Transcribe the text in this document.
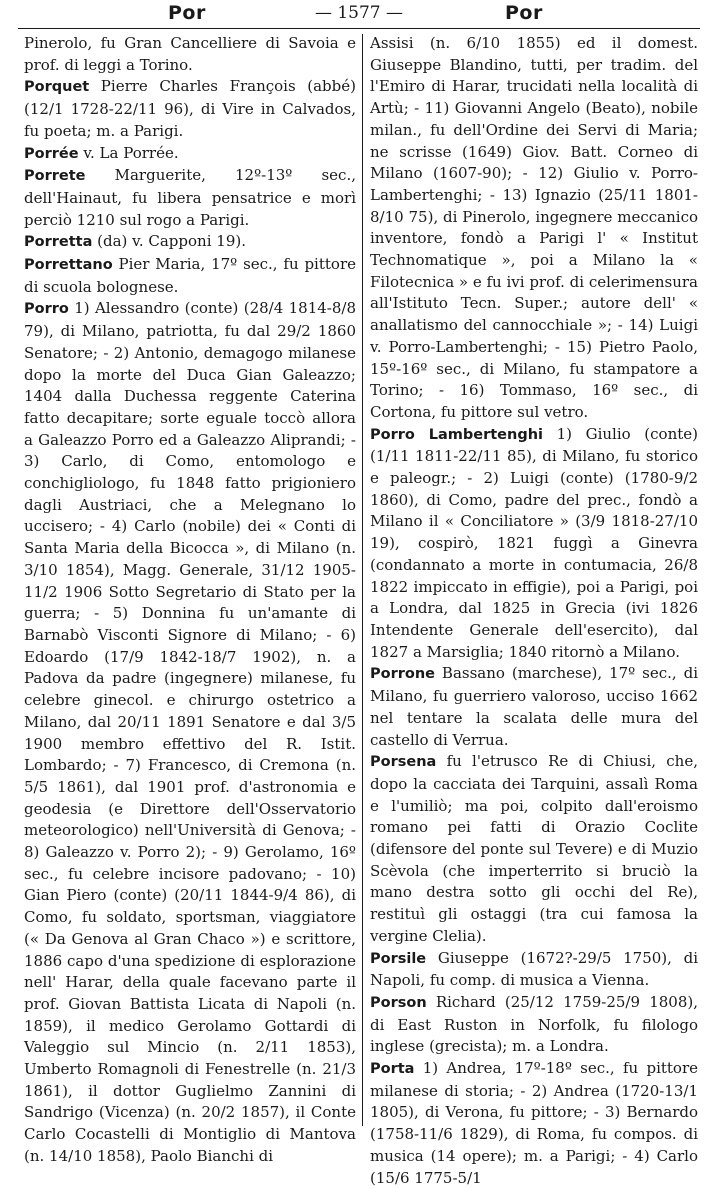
Por	— 1577 —	Por

Pinerolo, fu Gran Cancelliere di Savoia e prof. di leggi a Torino.

Porquet Pierre Charles François (abbé) (12/1 1728-22/11 96), di Vire in Calvados, fu poeta; m. a Parigi.

Porrée v. La Porrée.

Porrete Marguerite, 12º-13º sec., dell'Hainaut, fu libera pensatrice e morì perciò 1210 sul rogo a Parigi.

Porretta (da) v. Capponi 19).

Porrettano Pier Maria, 17º sec., fu pittore di scuola bolognese.

Porro 1) Alessandro (conte) (28/4 1814-8/8 79), di Milano, patriotta, fu dal 29/2 1860 Senatore; - 2) Antonio, demagogo milanese dopo la morte del Duca Gian Galeazzo; 1404 dalla Duchessa reggente Caterina fatto decapitare; sorte eguale toccò allora a Galeazzo Porro ed a Galeazzo Aliprandi; - 3) Carlo, di Como, entomologo e conchigliologo, fu 1848 fatto prigioniero dagli Austriaci, che a Melegnano lo uccisero; - 4) Carlo (nobile) dei « Conti di Santa Maria della Bicocca », di Milano (n. 3/10 1854), Magg. Generale, 31/12 1905-11/2 1906 Sotto Segretario di Stato per la guerra; - 5) Donnina fu un'amante di Barnabò Visconti Signore di Milano; - 6) Edoardo (17/9 1842-18/7 1902), n. a Padova da padre (ingegnere) milanese, fu celebre ginecol. e chirurgo ostetrico a Milano, dal 20/11 1891 Senatore e dal 3/5 1900 membro effettivo del R. Istit. Lombardo; - 7) Francesco, di Cremona (n. 5/5 1861), dal 1901 prof. d'astronomia e geodesia (e Direttore dell'Osservatorio meteorologico) nell'Università di Genova; - 8) Galeazzo v. Porro 2); - 9) Gerolamo, 16º sec., fu celebre incisore padovano; - 10) Gian Piero (conte) (20/11 1844-9/4 86), di Como, fu soldato, sportsman, viaggiatore (« Da Genova al Gran Chaco ») e scrittore, 1886 capo d'una spedizione di esplorazione nell' Harar, della quale facevano parte il prof. Giovan Battista Licata di Napoli (n. 1859), il medico Gerolamo Gottardi di Valeggio sul Mincio (n. 2/11 1853), Umberto Romagnoli di Fenestrelle (n. 21/3 1861), il dottor Guglielmo Zannini di Sandrigo (Vicenza) (n. 20/2 1857), il Conte Carlo Cocastelli di Montiglio di Mantova (n. 14/10 1858), Paolo Bianchi di

Assisi (n. 6/10 1855) ed il domest. Giuseppe Blandino, tutti, per tradim. del l'Emiro di Harar, trucidati nella località di Artù; - 11) Giovanni Angelo (Beato), nobile milan., fu dell'Ordine dei Servi di Maria; ne scrisse (1649) Giov. Batt. Corneo di Milano (1607-90); - 12) Giulio v. Porro-Lambertenghi; - 13) Ignazio (25/11 1801-8/10 75), di Pinerolo, ingegnere meccanico inventore, fondò a Parigi l' « Institut Technomatique », poi a Milano la « Filotecnica » e fu ivi prof. di celerimensura all'Istituto Tecn. Super.; autore dell' « anallatismo del cannocchiale »; - 14) Luigi v. Porro-Lambertenghi; - 15) Pietro Paolo, 15º-16º sec., di Milano, fu stampatore a Torino; - 16) Tommaso, 16º sec., di Cortona, fu pittore sul vetro.

Porro Lambertenghi 1) Giulio (conte) (1/11 1811-22/11 85), di Milano, fu storico e paleogr.; - 2) Luigi (conte) (1780-9/2 1860), di Como, padre del prec., fondò a Milano il « Conciliatore » (3/9 1818-27/10 19), cospirò, 1821 fuggì a Ginevra (condannato a morte in contumacia, 26/8 1822 impiccato in effigie), poi a Parigi, poi a Londra, dal 1825 in Grecia (ivi 1826 Intendente Generale dell'esercito), dal 1827 a Marsiglia; 1840 ritornò a Milano.

Porrone Bassano (marchese), 17º sec., di Milano, fu guerriero valoroso, ucciso 1662 nel tentare la scalata delle mura del castello di Verrua.

Porsena fu l'etrusco Re di Chiusi, che, dopo la cacciata dei Tarquini, assalì Roma e l'umiliò; ma poi, colpito dall'eroismo romano pei fatti di Orazio Coclite (difensore del ponte sul Tevere) e di Muzio Scèvola (che imperterrito si bruciò la mano destra sotto gli occhi del Re), restituì gli ostaggi (tra cui famosa la vergine Clelia).

Porsile Giuseppe (1672?-29/5 1750), di Napoli, fu comp. di musica a Vienna.

Porson Richard (25/12 1759-25/9 1808), di East Ruston in Norfolk, fu filologo inglese (grecista); m. a Londra.

Porta 1) Andrea, 17º-18º sec., fu pittore milanese di storia; - 2) Andrea (1720-13/1 1805), di Verona, fu pittore; - 3) Bernardo (1758-11/6 1829), di Roma, fu compos. di musica (14 opere); m. a Parigi; - 4) Carlo (15/6 1775-5/1
